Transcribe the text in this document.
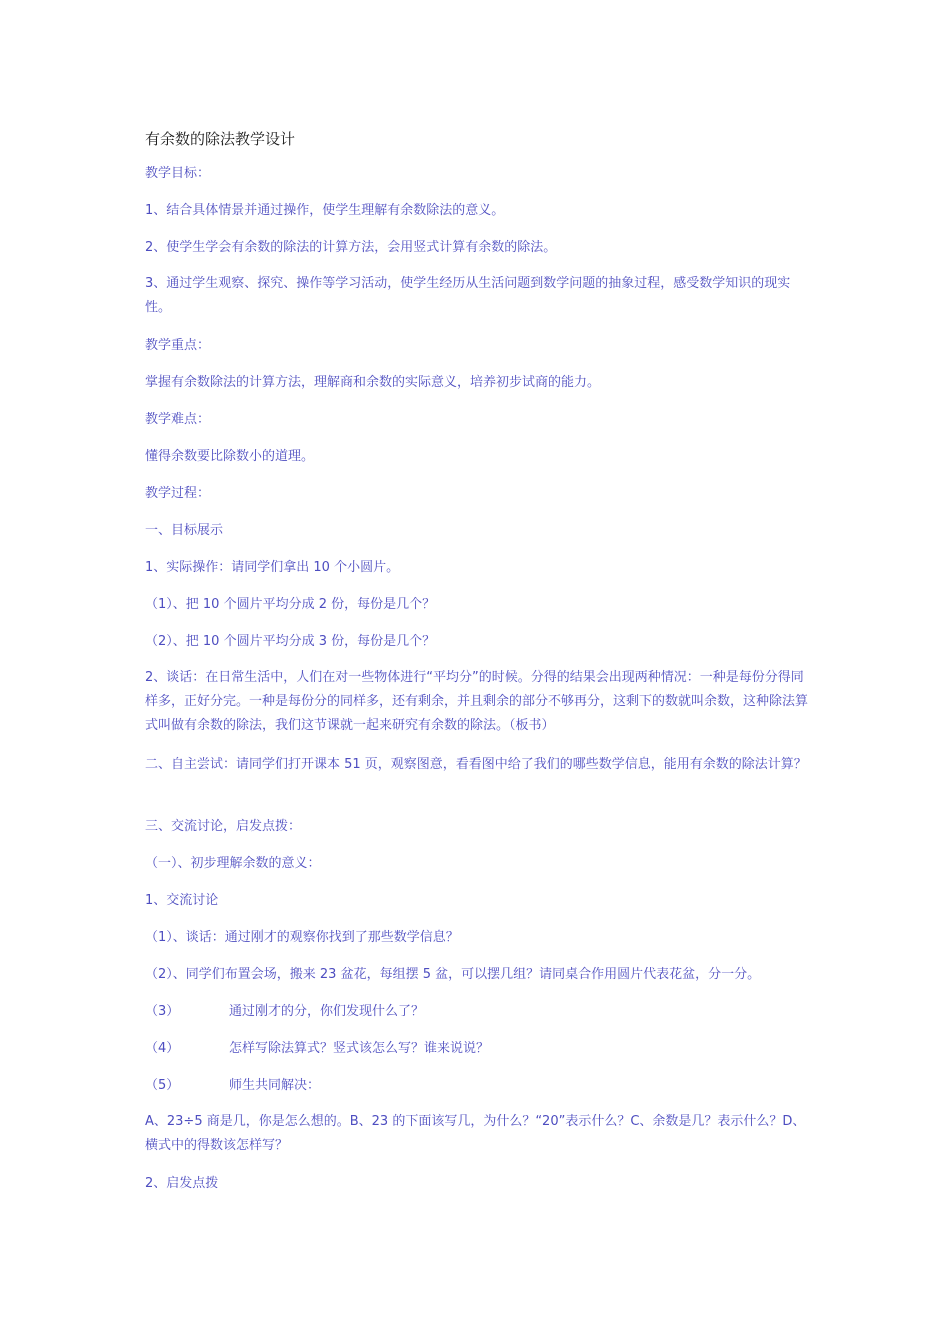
有余数的除法教学设计

教学目标：

1、结合具体情景并通过操作，使学生理解有余数除法的意义。

2、使学生学会有余数的除法的计算方法，会用竖式计算有余数的除法。

3、通过学生观察、探究、操作等学习活动，使学生经历从生活问题到数学问题的抽象过程，感受数学知识的现实性。

教学重点：

掌握有余数除法的计算方法，理解商和余数的实际意义，培养初步试商的能力。

教学难点：

懂得余数要比除数小的道理。

教学过程：

一、目标展示

1、实际操作：请同学们拿出 10 个小圆片。

（1）、把 10 个圆片平均分成 2 份，每份是几个？

（2）、把 10 个圆片平均分成 3 份，每份是几个？

2、谈话：在日常生活中，人们在对一些物体进行“平均分”的时候。分得的结果会出现两种情况：一种是每份分得同样多，正好分完。一种是每份分的同样多，还有剩余，并且剩余的部分不够再分，这剩下的数就叫余数，这种除法算式叫做有余数的除法，我们这节课就一起来研究有余数的除法。（板书）

二、自主尝试：请同学们打开课本 51 页，观察图意，看看图中给了我们的哪些数学信息，能用有余数的除法计算？

三、交流讨论，启发点拨：

（一）、初步理解余数的意义：

1、交流讨论

（1）、谈话：通过刚才的观察你找到了那些数学信息？

（2）、同学们布置会场，搬来 23 盆花，每组摆 5 盆，可以摆几组？请同桌合作用圆片代表花盆，分一分。

（3）	通过刚才的分，你们发现什么了？
（4）	怎样写除法算式？竖式该怎么写？谁来说说？
（5）	师生共同解决：

A、23÷5 商是几，你是怎么想的。B、23 的下面该写几，为什么？“20”表示什么？C、余数是几？表示什么？D、横式中的得数该怎样写？

2、启发点拨
